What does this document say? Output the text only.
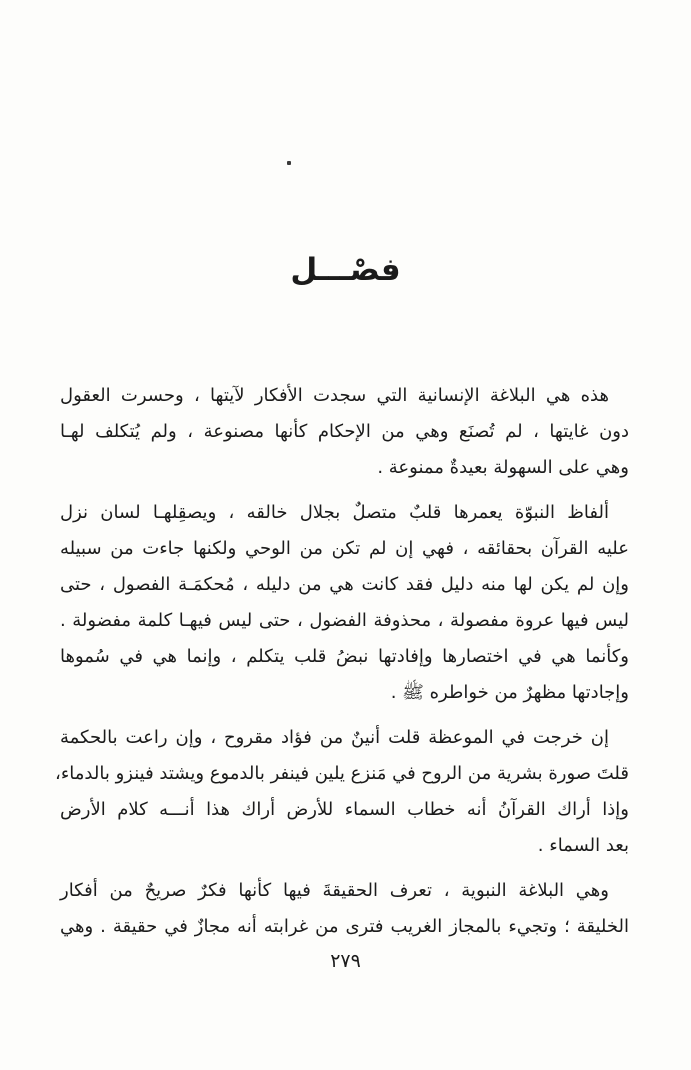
فصْـــل
هذه هي البلاغة الإنسانية التي سجدت الأفكار لآيتها ، وحسرت العقول
دون غايتها ، لم تُصنَع وهي من الإحكام كأنها مصنوعة ، ولم يُتكلف لهـا
وهي على السهولة بعيدةٌ ممنوعة .
ألفاظ النبوّة يعمرها قلبٌ متصلٌ بجلال خالقه ، ويصقِلهـا لسان نزل
عليه القرآن بحقائقه ، فهي إن لم تكن من الوحي ولكنها جاءت من سبيله
وإن لم يكن لها منه دليل فقد كانت هي من دليله ، مُحكمَـة الفصول ، حتى
ليس فيها عروة مفصولة ، محذوفة الفضول ، حتى ليس فيهـا كلمة مفضولة .
وكأنما هي في اختصارها وإفادتها نبضُ قلب يتكلم ، وإنما هي في سُموها
وإجادتها مظهرٌ من خواطره ﷺ .
إن خرجت في الموعظة قلت أنينٌ من فؤاد مقروح ، وإن راعت بالحكمة
قلتَ صورة بشرية من الروح في مَنزع يلين فينفر بالدموع ويشتد فينزو بالدماء،
وإذا أراك القرآنُ أنه خطاب السماء للأرض أراك هذا أنـــه كلام الأرض
بعد السماء .
وهي البلاغة النبوية ، تعرف الحقيقةَ فيها كأنها فكرٌ صريحٌ من أفكار
الخليقة ؛ وتجيء بالمجاز الغريب فترى من غرابته أنه مجازٌ في حقيقة . وهي
٢٧٩
